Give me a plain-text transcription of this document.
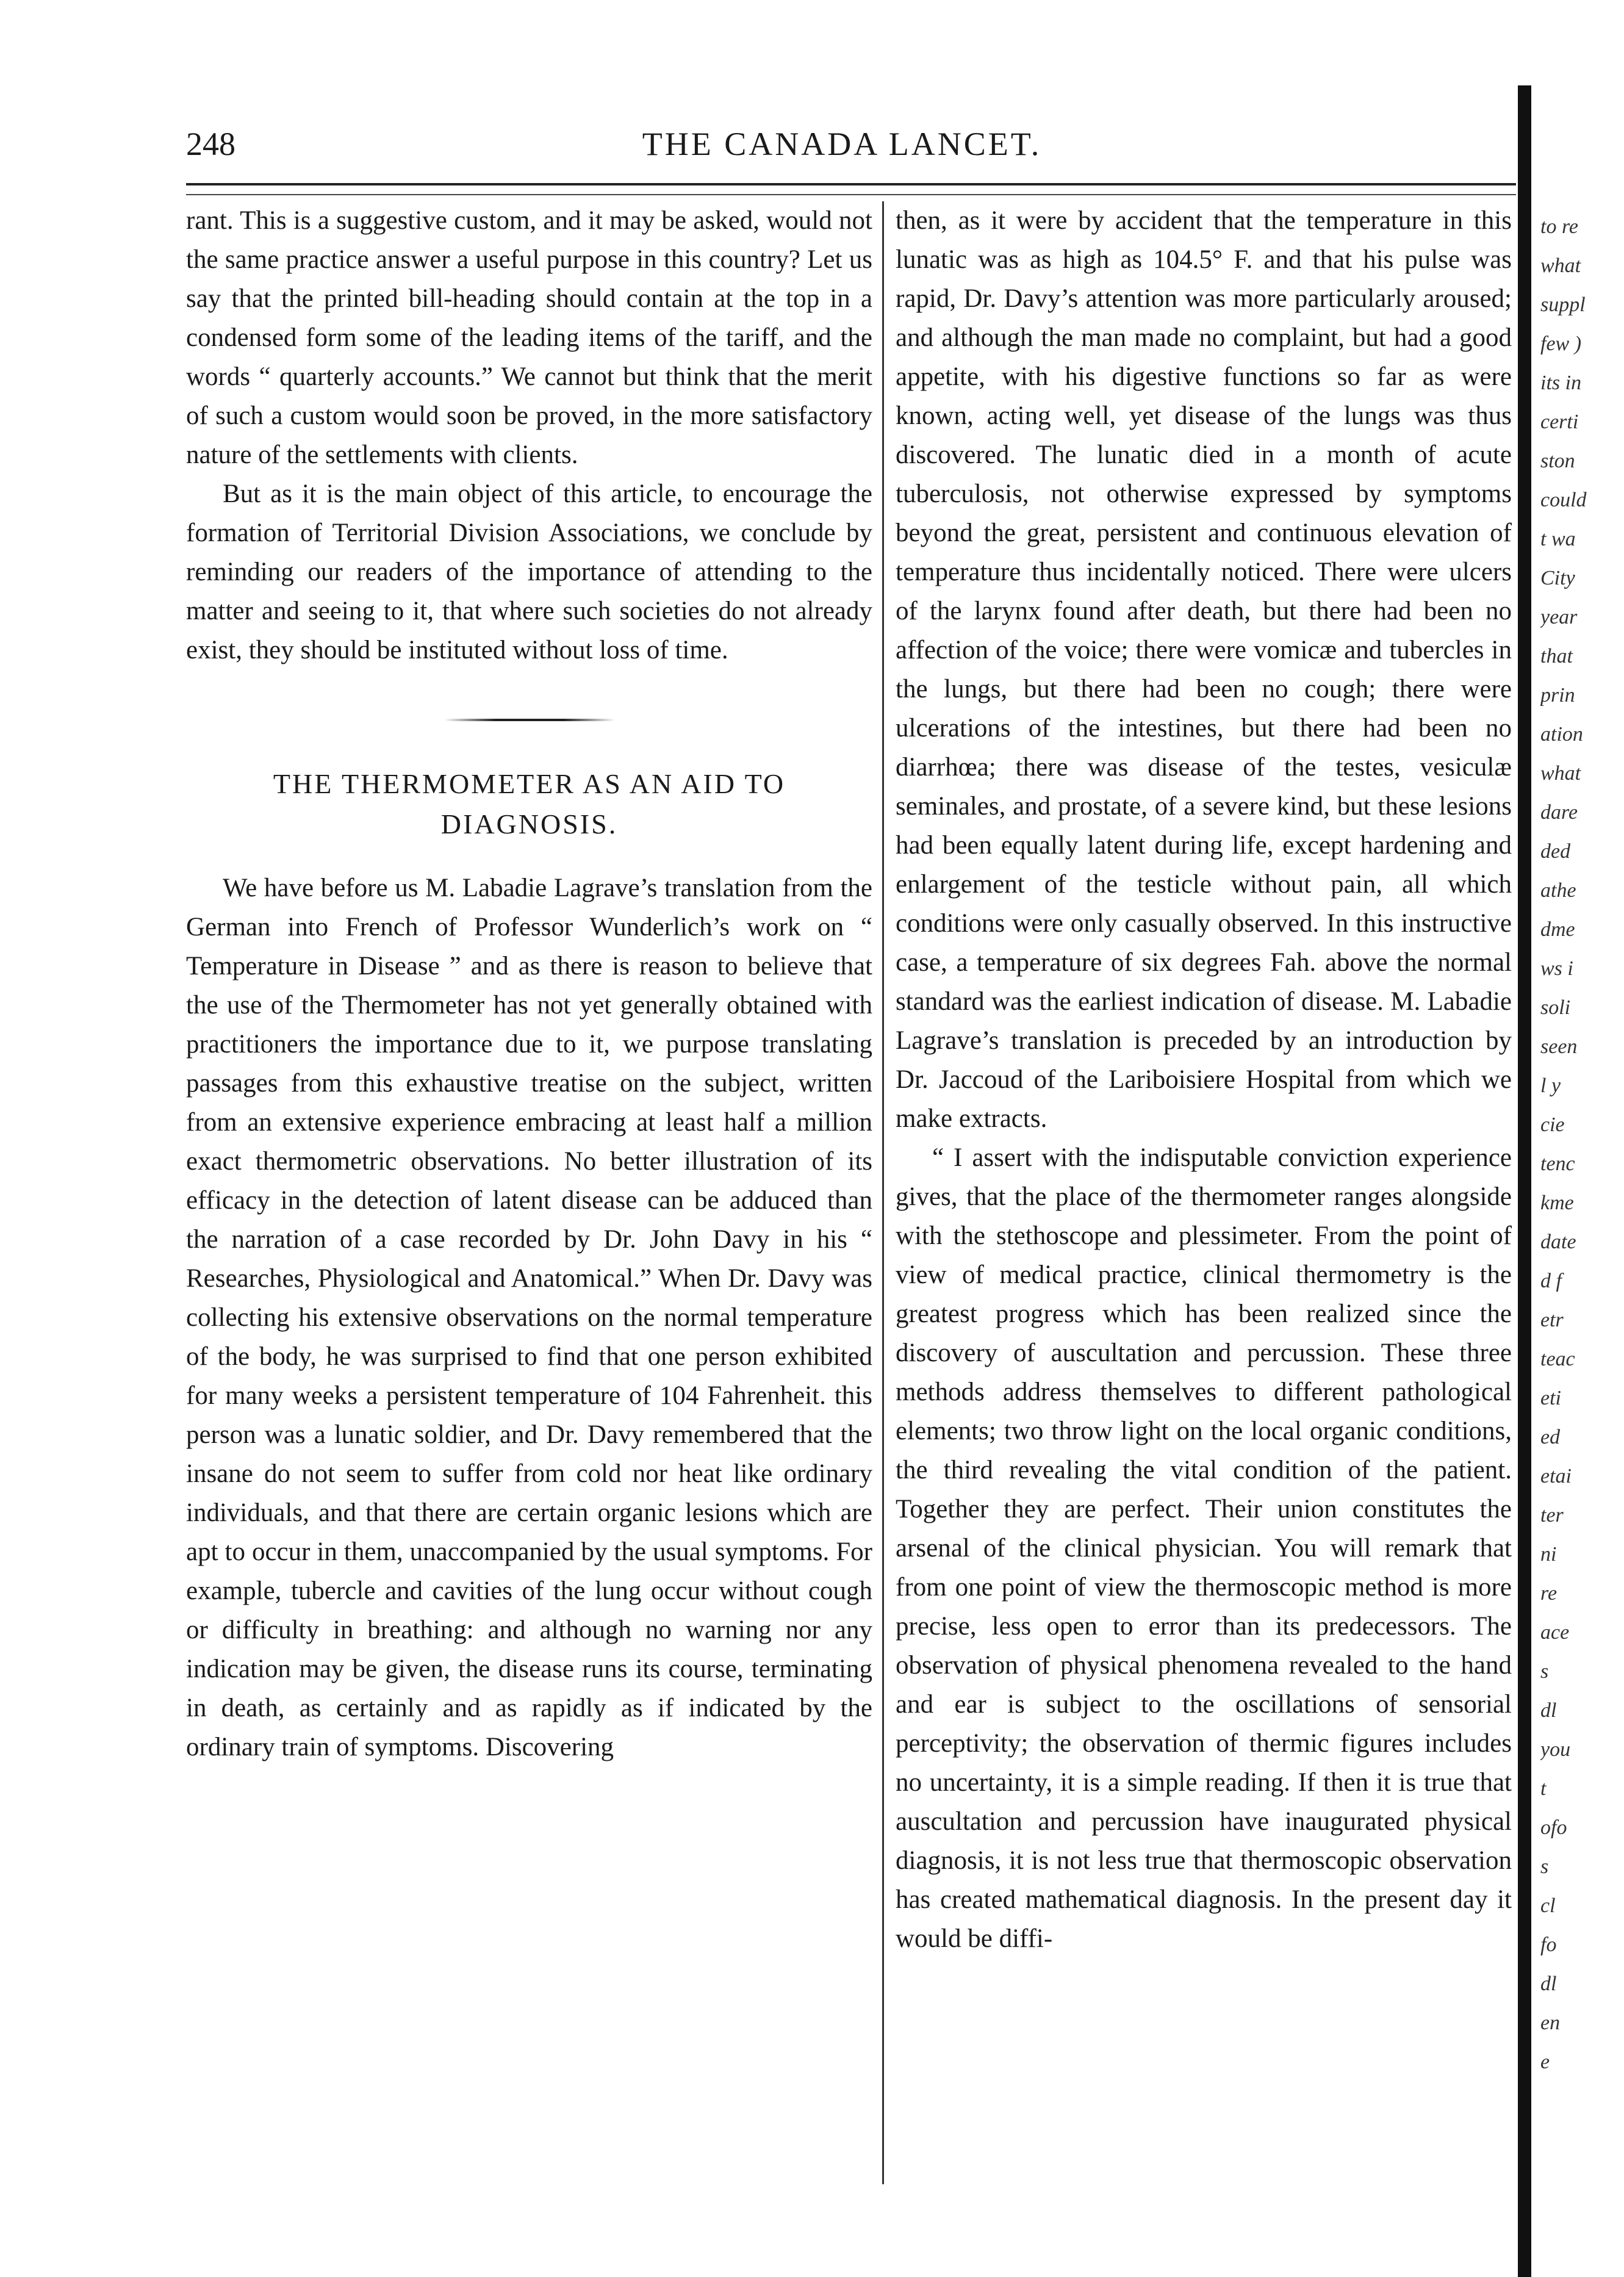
248	THE CANADA LANCET.

rant. This is a suggestive custom, and it may be asked, would not the same practice answer a useful purpose in this country? Let us say that the printed bill-heading should contain at the top in a condensed form some of the leading items of the tariff, and the words “ quarterly accounts.” We cannot but think that the merit of such a custom would soon be proved, in the more satisfactory nature of the settlements with clients.

But as it is the main object of this article, to encourage the formation of Territorial Division Associations, we conclude by reminding our readers of the importance of attending to the matter and seeing to it, that where such societies do not already exist, they should be instituted without loss of time.

THE THERMOMETER AS AN AID TO DIAGNOSIS.

We have before us M. Labadie Lagrave’s translation from the German into French of Professor Wunderlich’s work on “ Temperature in Disease ” and as there is reason to believe that the use of the Thermometer has not yet generally obtained with practitioners the importance due to it, we purpose translating passages from this exhaustive treatise on the subject, written from an extensive experience embracing at least half a million exact thermometric observations. No better illustration of its efficacy in the detection of latent disease can be adduced than the narration of a case recorded by Dr. John Davy in his “ Researches, Physiological and Anatomical.” When Dr. Davy was collecting his extensive observations on the normal temperature of the body, he was surprised to find that one person exhibited for many weeks a persistent temperature of 104 Fahrenheit. this person was a lunatic soldier, and Dr. Davy remembered that the insane do not seem to suffer from cold nor heat like ordinary individuals, and that there are certain organic lesions which are apt to occur in them, unaccompanied by the usual symptoms. For example, tubercle and cavities of the lung occur without cough or difficulty in breathing: and although no warning nor any indication may be given, the disease runs its course, terminating in death, as certainly and as rapidly as if indicated by the ordinary train of symptoms. Discovering

then, as it were by accident that the temperature in this lunatic was as high as 104.5° F. and that his pulse was rapid, Dr. Davy’s attention was more particularly aroused; and although the man made no complaint, but had a good appetite, with his digestive functions so far as were known, acting well, yet disease of the lungs was thus discovered. The lunatic died in a month of acute tuberculosis, not otherwise expressed by symptoms beyond the great, persistent and continuous elevation of temperature thus incidentally noticed. There were ulcers of the larynx found after death, but there had been no affection of the voice; there were vomicæ and tubercles in the lungs, but there had been no cough; there were ulcerations of the intestines, but there had been no diarrhœa; there was disease of the testes, vesiculæ seminales, and prostate, of a severe kind, but these lesions had been equally latent during life, except hardening and enlargement of the testicle without pain, all which conditions were only casually observed. In this instructive case, a temperature of six degrees Fah. above the normal standard was the earliest indication of disease. M. Labadie Lagrave’s translation is preceded by an introduction by Dr. Jaccoud of the Lariboisiere Hospital from which we make extracts.

“ I assert with the indisputable conviction experience gives, that the place of the thermometer ranges alongside with the stethoscope and plessimeter. From the point of view of medical practice, clinical thermometry is the greatest progress which has been realized since the discovery of auscultation and percussion. These three methods address themselves to different pathological elements; two throw light on the local organic conditions, the third revealing the vital condition of the patient. Together they are perfect. Their union constitutes the arsenal of the clinical physician. You will remark that from one point of view the thermoscopic method is more precise, less open to error than its predecessors. The observation of physical phenomena revealed to the hand and ear is subject to the oscillations of sensorial perceptivity; the observation of thermic figures includes no uncertainty, it is a simple reading. If then it is true that auscultation and percussion have inaugurated physical diagnosis, it is not less true that thermoscopic observation has created mathematical diagnosis. In the present day it would be diffi-

to re
what
suppl
few )
its in
certi
ston
could
t wa
City
year
that
prin
ation
what
dare
ded
athe
dme
ws i
soli
seen
l y
cie
tenc
kme
date
d f
etr
teac
eti
ed
etai
ter
ni
re
ace
s
dl
you
t
ofo
s
cl
fo
dl
en
e
